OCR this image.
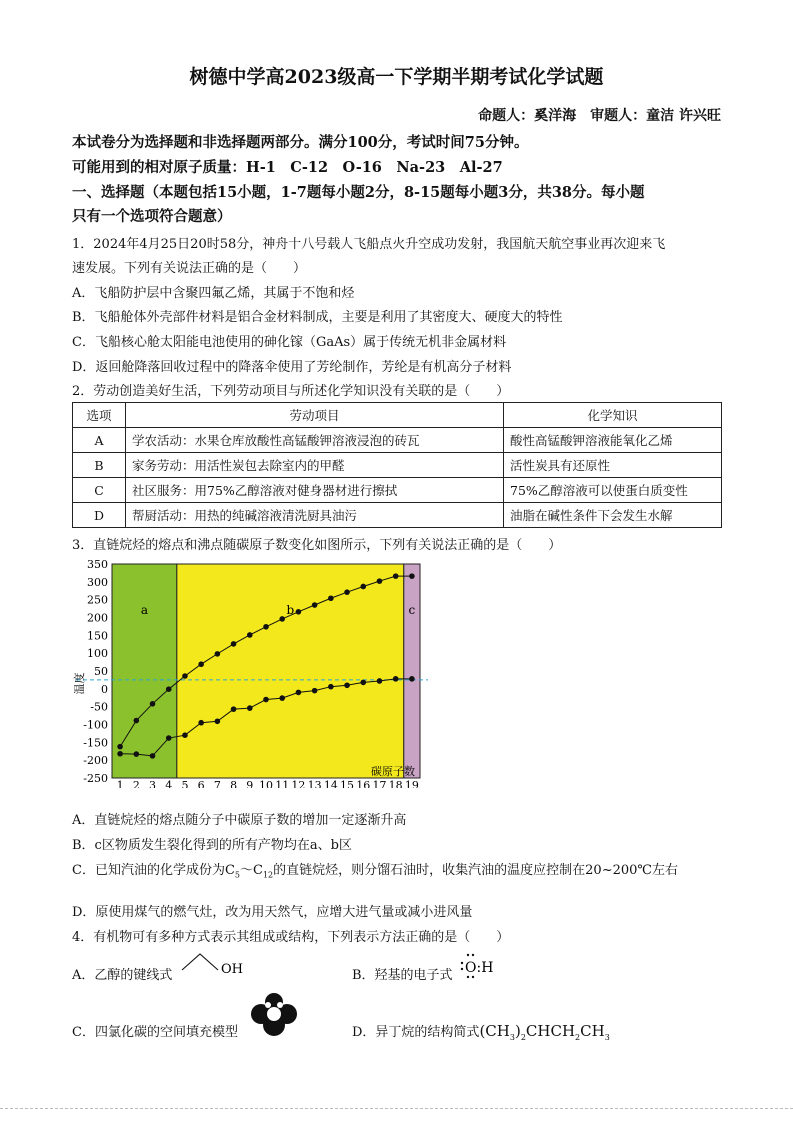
树德中学高2023级高一下学期半期考试化学试题
命题人：奚洋海　审题人：童洁 许兴旺
本试卷分为选择题和非选择题两部分。满分100分，考试时间75分钟。
可能用到的相对原子质量：H-1　C-12　O-16　Na-23　Al-27
一、选择题（本题包括15小题，1-7题每小题2分，8-15题每小题3分，共38分。每小题
只有一个选项符合题意）
1．2024年4月25日20时58分，神舟十八号载人飞船点火升空成功发射，我国航天航空事业再次迎来飞
速发展。下列有关说法正确的是（　　）
A．飞船防护层中含聚四氟乙烯，其属于不饱和烃
B．飞船舱体外壳部件材料是铝合金材料制成，主要是利用了其密度大、硬度大的特性
C．飞船核心舱太阳能电池使用的砷化镓（GaAs）属于传统无机非金属材料
D．返回舱降落回收过程中的降落伞使用了芳纶制作，芳纶是有机高分子材料
2．劳动创造美好生活，下列劳动项目与所述化学知识没有关联的是（　　）
选项	劳动项目	化学知识
A	学农活动：水果仓库放酸性高锰酸钾溶液浸泡的砖瓦	酸性高锰酸钾溶液能氧化乙烯
B	家务劳动：用活性炭包去除室内的甲醛	活性炭具有还原性
C	社区服务：用75%乙醇溶液对健身器材进行擦拭	75%乙醇溶液可以使蛋白质变性
D	帮厨活动：用热的纯碱溶液清洗厨具油污	油脂在碱性条件下会发生水解
3．直链烷烃的熔点和沸点随碳原子数变化如图所示，下列有关说法正确的是（　　）
a	b	c
350
300
250
200
150
100
50
0
-50
-100
-150
-200
-250
1 2 3 4 5 6 7 8 9 10 11 12 13 14 15 16 17 18 19
温度
碳原子数
A．直链烷烃的熔点随分子中碳原子数的增加一定逐渐升高
B．c区物质发生裂化得到的所有产物均在a、b区
C．已知汽油的化学成份为$C_5\sim C_{12}$的直链烷烃，则分馏石油时，收集汽油的温度应控制在20~200℃左右
D．原使用煤气的燃气灶，改为用天然气，应增大进气量或减小进风量
4．有机物可有多种方式表示其组成或结构，下列表示方法正确的是（　　）
A．乙醇的键线式	OH	B．羟基的电子式 O:H
C．四氯化碳的空间填充模型	D．异丁烷的结构简式$(CH_3)_2CHCH_2CH_3$
